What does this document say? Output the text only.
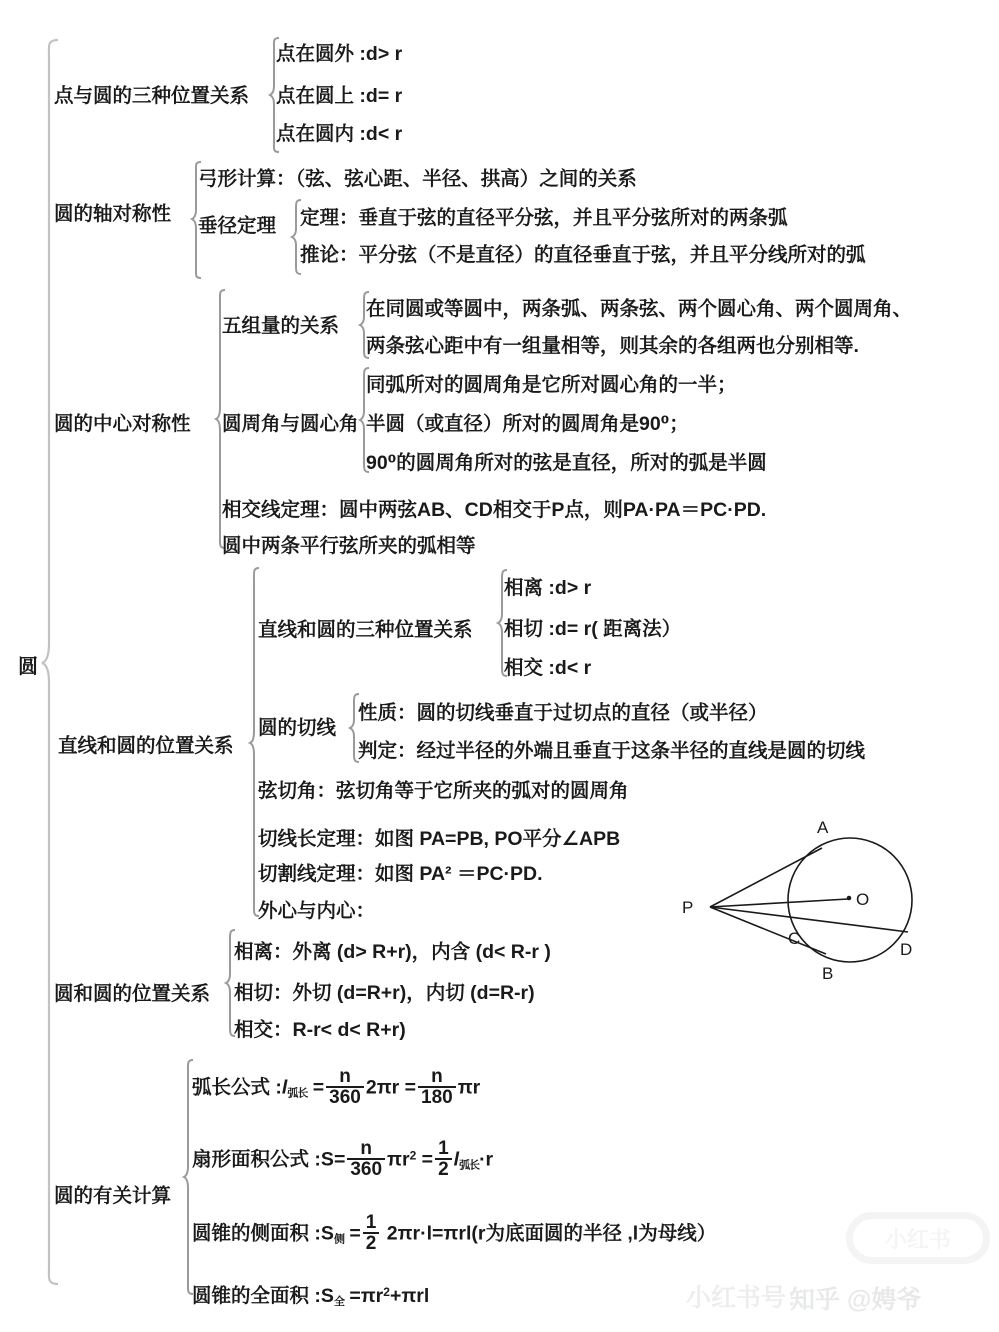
圆
点与圆的三种位置关系
点在圆外 :d> r
点在圆上 :d= r
点在圆内 :d< r
圆的轴对称性
弓形计算：（弦、弦心距、半径、拱高）之间的关系
垂径定理 定理：垂直于弦的直径平分弦，并且平分弦所对的两条弧
推论：平分弦（不是直径）的直径垂直于弦，并且平分线所对的弧
圆的中心对称性
五组量的关系
在同圆或等圆中，两条弧、两条弦、两个圆心角、两个圆周角、
两条弦心距中有一组量相等，则其余的各组两也分别相等.
圆周角与圆心角
同弧所对的圆周角是它所对圆心角的一半；
半圆（或直径）所对的圆周角是90⁰；
90⁰的圆周角所对的弦是直径，所对的弧是半圆
相交线定理：圆中两弦AB、CD相交于P点，则PA·PA＝PC·PD.
圆中两条平行弦所夹的弧相等
直线和圆的位置关系
直线和圆的三种位置关系
相离 :d> r
相切 :d= r( 距离法）
相交 :d< r
圆的切线
性质：圆的切线垂直于过切点的直径（或半径）
判定：经过半径的外端且垂直于这条半径的直线是圆的切线
弦切角：弦切角等于它所夹的弧对的圆周角
切线长定理：如图 PA=PB, PO平分∠APB
切割线定理：如图 PA² ＝PC·PD.
外心与内心：
圆和圆的位置关系
相离：外离 (d> R+r)，内含 (d< R-r )
相切：外切 (d=R+r)，内切 (d=R-r)
相交：R-r< d< R+r)
圆的有关计算
弧长公式 $:l_{弧长} = \frac{n}{360} 2\pi r = \frac{n}{180}$ πr
扇形面积公式 :S= $\frac{n}{360} \pi r^2 = \frac{1}{2} l_{弧长}\cdot r$
圆锥的侧面积 $:S_侧 = \frac{1}{2} 2\pi r\cdot l=\pi rl(r$为底面圆的半径 ,l为母线）
圆锥的全面积 $:S_全 =\pi r^2+\pi rl$
P
A
B
C
D
O
小红书
小红书号：
知乎 @娉爷
